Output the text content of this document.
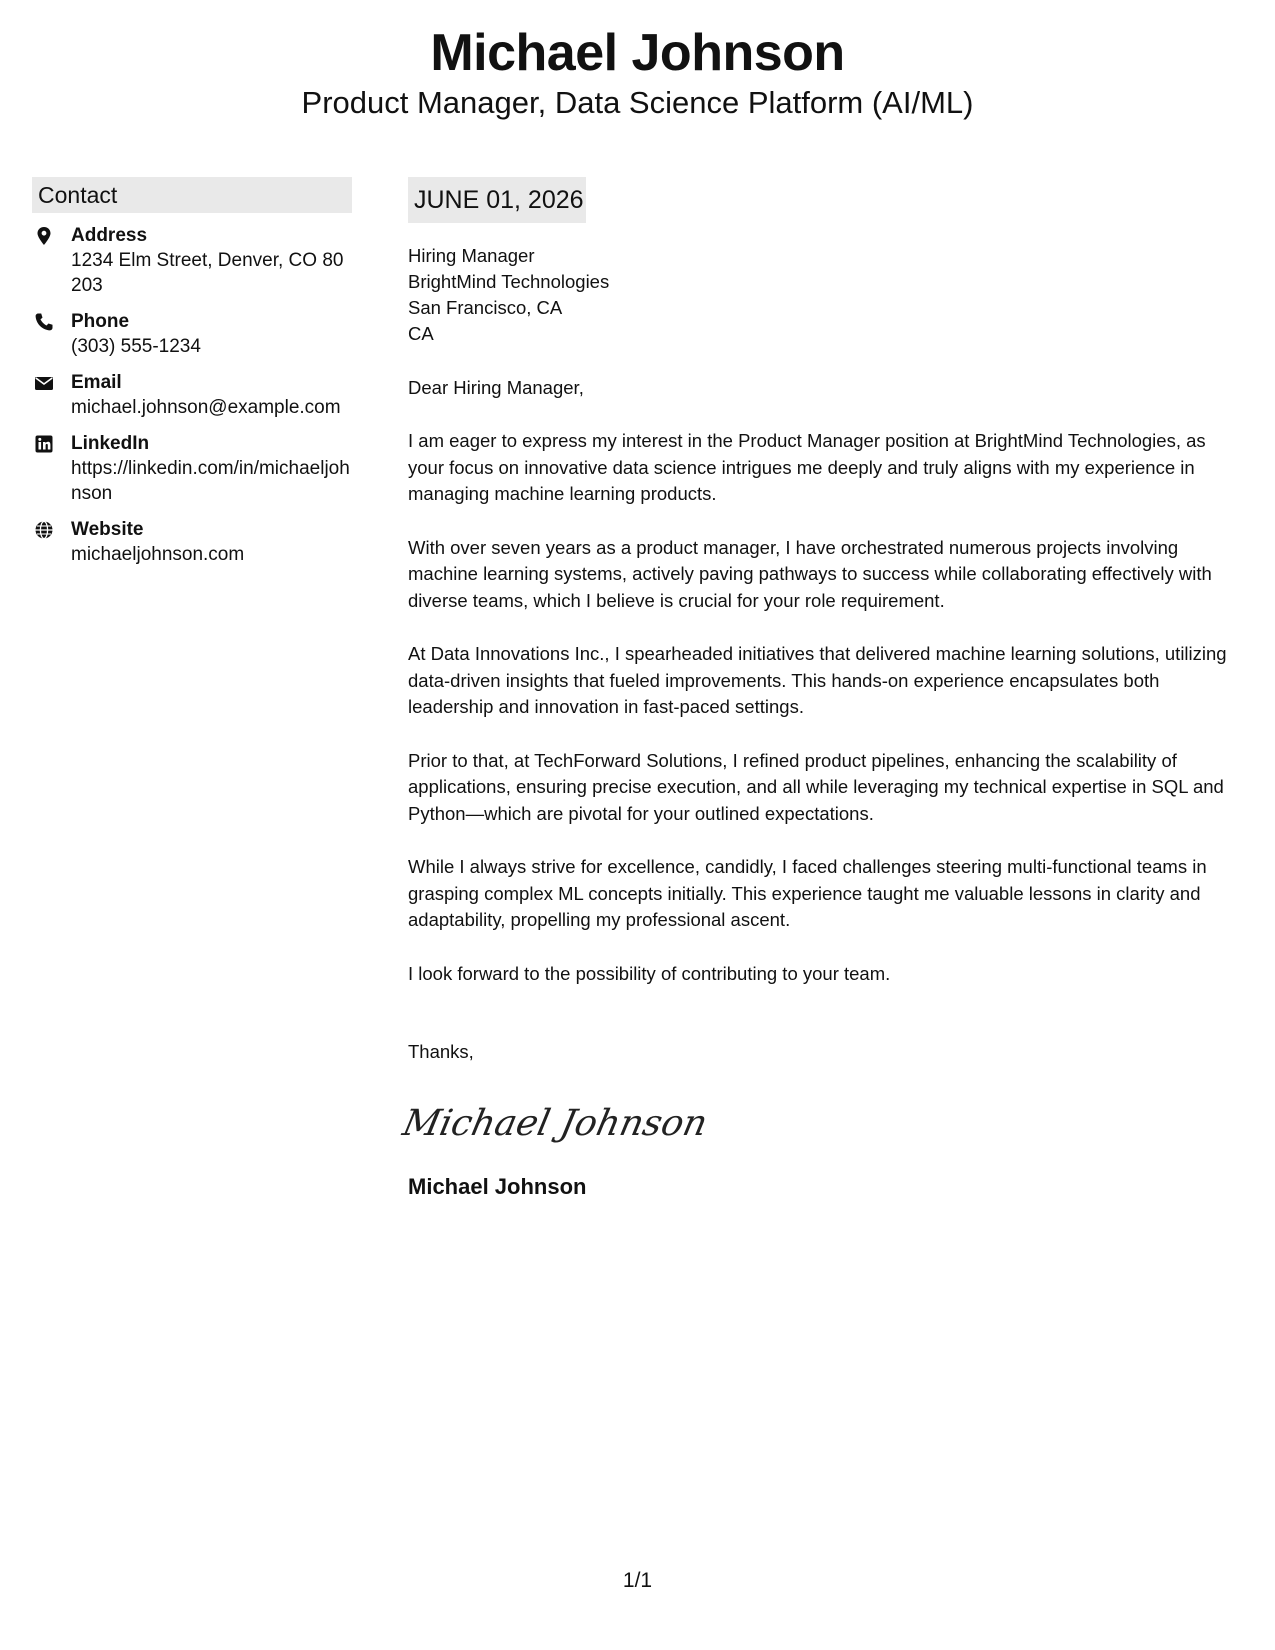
Michael Johnson
Product Manager, Data Science Platform (AI/ML)
Contact
Address
1234 Elm Street, Denver, CO 80203
Phone
(303) 555-1234
Email
michael.johnson@example.com
LinkedIn
https://linkedin.com/in/michaeljohnson
Website
michaeljohnson.com
JUNE 01, 2026
Hiring Manager
BrightMind Technologies
San Francisco, CA
CA
Dear Hiring Manager,
I am eager to express my interest in the Product Manager position at BrightMind Technologies, as your focus on innovative data science intrigues me deeply and truly aligns with my experience in managing machine learning products.
With over seven years as a product manager, I have orchestrated numerous projects involving machine learning systems, actively paving pathways to success while collaborating effectively with diverse teams, which I believe is crucial for your role requirement.
At Data Innovations Inc., I spearheaded initiatives that delivered machine learning solutions, utilizing data-driven insights that fueled improvements. This hands-on experience encapsulates both leadership and innovation in fast-paced settings.
Prior to that, at TechForward Solutions, I refined product pipelines, enhancing the scalability of applications, ensuring precise execution, and all while leveraging my technical expertise in SQL and Python—which are pivotal for your outlined expectations.
While I always strive for excellence, candidly, I faced challenges steering multi-functional teams in grasping complex ML concepts initially. This experience taught me valuable lessons in clarity and adaptability, propelling my professional ascent.
I look forward to the possibility of contributing to your team.
Thanks,
Michael Johnson
Michael Johnson
1/1
